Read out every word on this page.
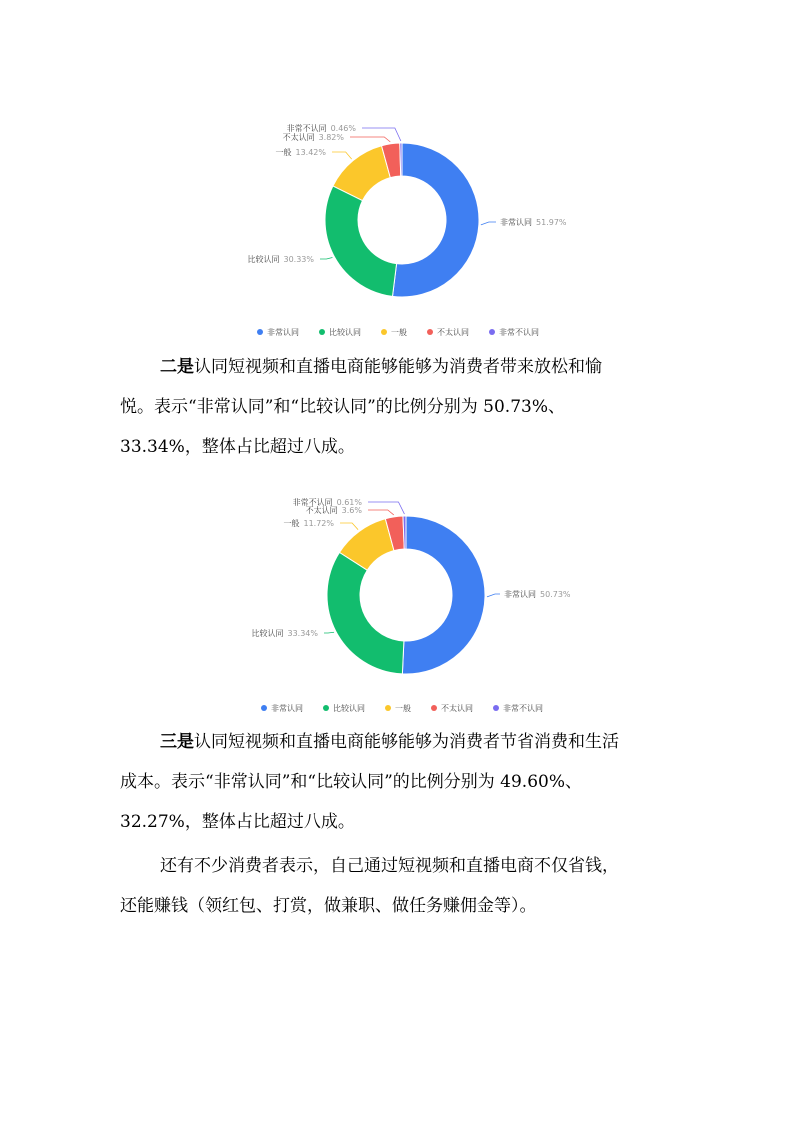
非常认同 51.97%
比较认同 30.33%
一般 13.42%
不太认同 3.82%
非常不认同 0.46%
非常认同	比较认同	一般	不太认同	非常不认同

二是认同短视频和直播电商能够能够为消费者带来放松和愉

悦。表示“非常认同”和“比较认同”的比例分别为 50.73%、

33.34%，整体占比超过八成。

非常认同 50.73%
比较认同 33.34%
一般 11.72%
不太认同 3.6%
非常不认同 0.61%
非常认同	比较认同	一般	不太认同	非常不认同

三是认同短视频和直播电商能够能够为消费者节省消费和生活

成本。表示“非常认同”和“比较认同”的比例分别为 49.60%、

32.27%，整体占比超过八成。

还有不少消费者表示，自己通过短视频和直播电商不仅省钱，

还能赚钱（领红包、打赏，做兼职、做任务赚佣金等）。
